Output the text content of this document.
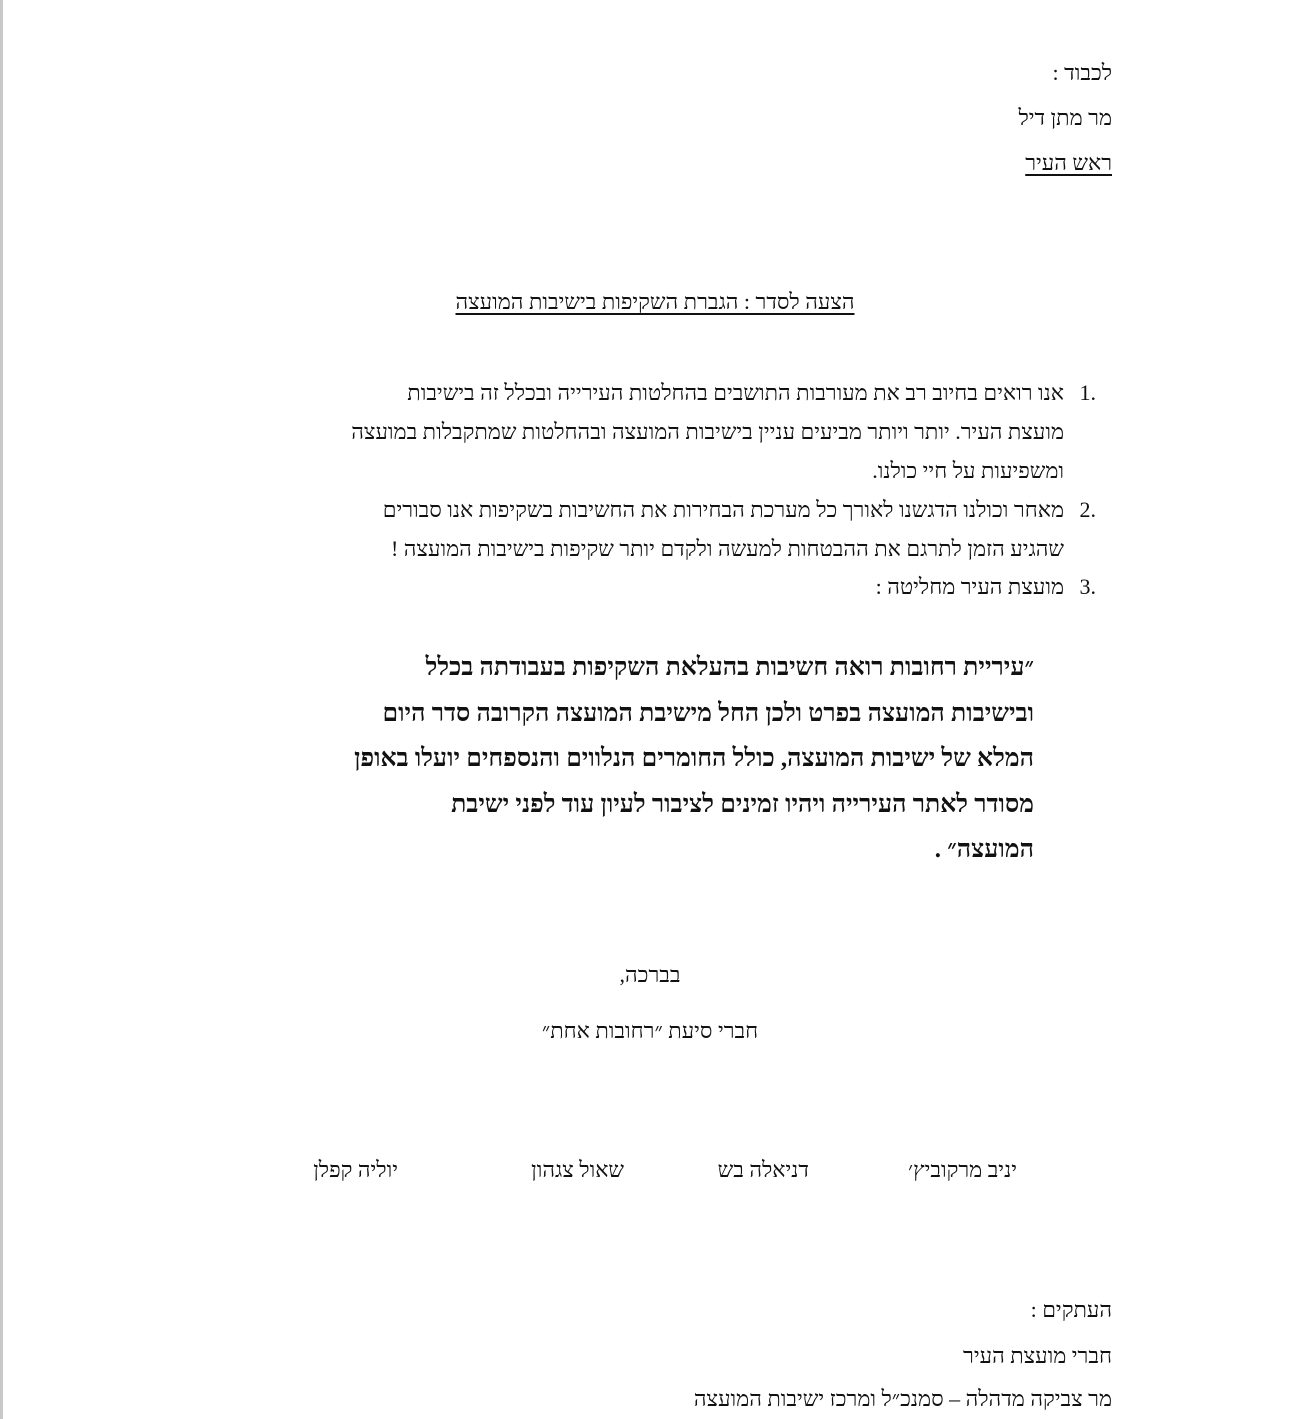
לכבוד :
מר מתן דיל
ראש העיר
הצעה לסדר : הגברת השקיפות בישיבות המועצה
.1
אנו רואים בחיוב רב את מעורבות התושבים בהחלטות העירייה ובכלל זה בישיבות
מועצת העיר. יותר ויותר מביעים עניין בישיבות המועצה ובהחלטות שמתקבלות במועצה
ומשפיעות על חיי כולנו.
.2
מאחר וכולנו הדגשנו לאורך כל מערכת הבחירות את החשיבות בשקיפות אנו סבורים
שהגיע הזמן לתרגם את ההבטחות למעשה ולקדם יותר שקיפות בישיבות המועצה !
.3
מועצת העיר מחליטה :
״עיריית רחובות רואה חשיבות בהעלאת השקיפות בעבודתה בכלל
ובישיבות המועצה בפרט ולכן החל מישיבת המועצה הקרובה סדר היום
המלא של ישיבות המועצה, כולל החומרים הנלווים והנספחים יועלו באופן
מסודר לאתר העירייה ויהיו זמינים לציבור לעיון עוד לפני ישיבת
המועצה״ .
בברכה,
חברי סיעת ״רחובות אחת״
יניב מרקוביץ׳
דניאלה בש
שאול צגהון
יוליה קפלן
העתקים :
חברי מועצת העיר
מר צביקה מדהלה – סמנכ״ל ומרכז ישיבות המועצה
